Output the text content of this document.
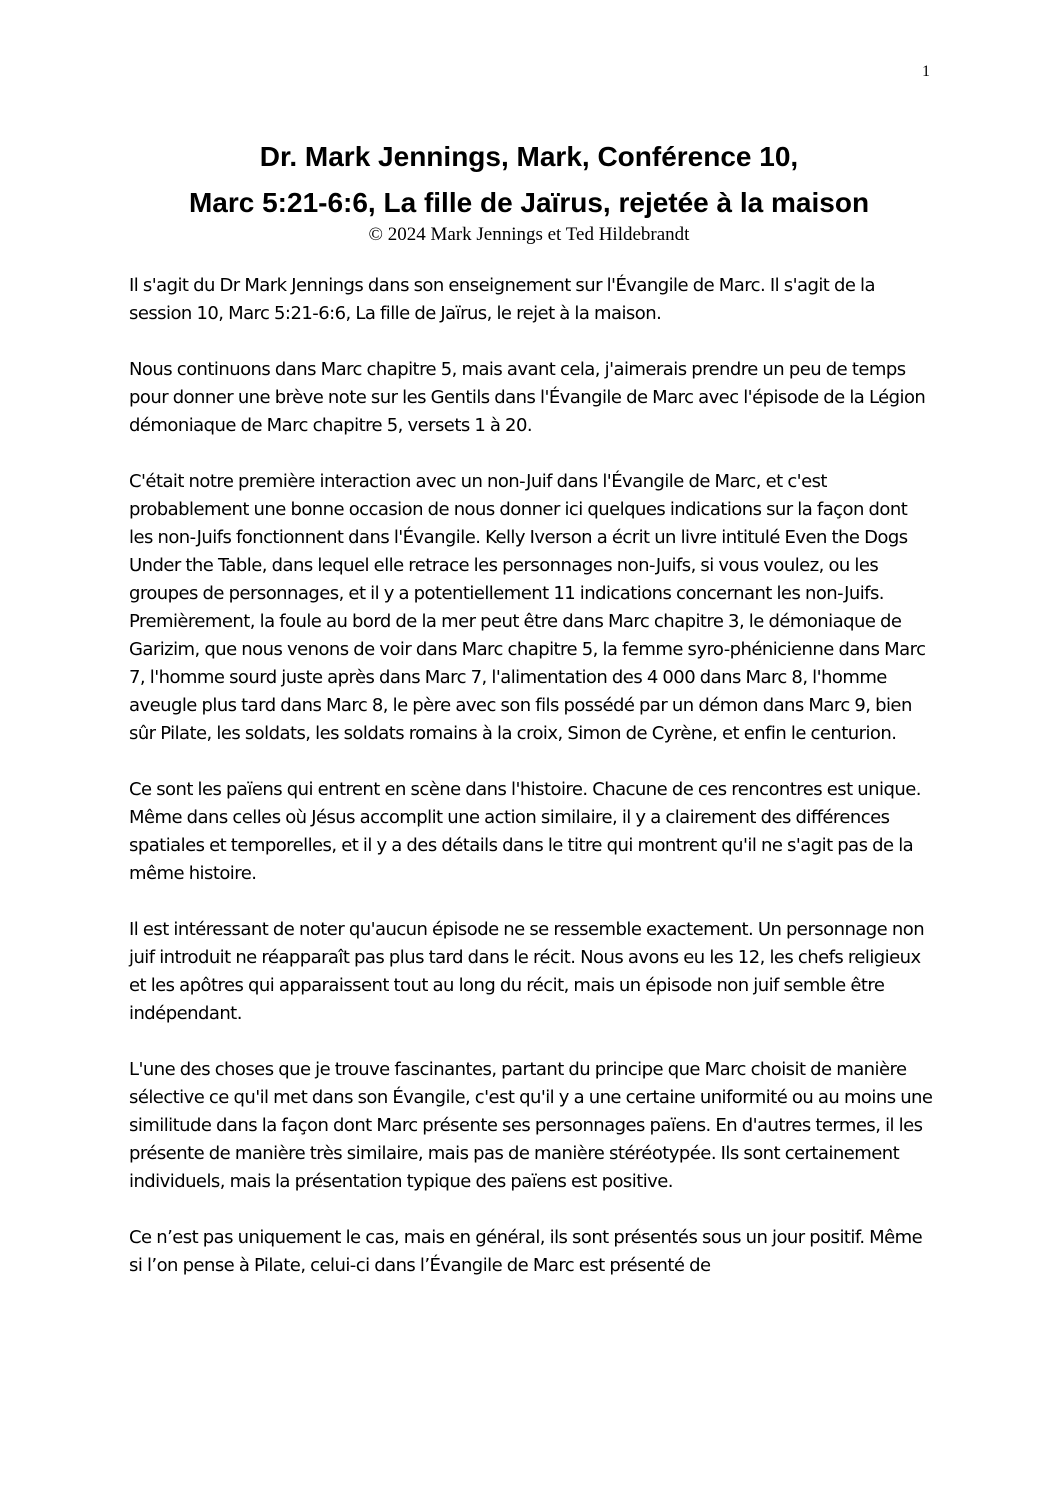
1
Dr. Mark Jennings, Mark, Conférence 10,
Marc 5:21-6:6, La fille de Jaïrus, rejetée à la maison
© 2024 Mark Jennings et Ted Hildebrandt

Il s'agit du Dr Mark Jennings dans son enseignement sur l'Évangile de Marc. Il s'agit de la session 10, Marc 5:21-6:6, La fille de Jaïrus, le rejet à la maison.

Nous continuons dans Marc chapitre 5, mais avant cela, j'aimerais prendre un peu de temps pour donner une brève note sur les Gentils dans l'Évangile de Marc avec l'épisode de la Légion démoniaque de Marc chapitre 5, versets 1 à 20.

C'était notre première interaction avec un non-Juif dans l'Évangile de Marc, et c'est probablement une bonne occasion de nous donner ici quelques indications sur la façon dont les non-Juifs fonctionnent dans l'Évangile. Kelly Iverson a écrit un livre intitulé Even the Dogs Under the Table, dans lequel elle retrace les personnages non-Juifs, si vous voulez, ou les groupes de personnages, et il y a potentiellement 11 indications concernant les non-Juifs. Premièrement, la foule au bord de la mer peut être dans Marc chapitre 3, le démoniaque de Garizim, que nous venons de voir dans Marc chapitre 5, la femme syro-phénicienne dans Marc 7, l'homme sourd juste après dans Marc 7, l'alimentation des 4 000 dans Marc 8, l'homme aveugle plus tard dans Marc 8, le père avec son fils possédé par un démon dans Marc 9, bien sûr Pilate, les soldats, les soldats romains à la croix, Simon de Cyrène, et enfin le centurion.

Ce sont les païens qui entrent en scène dans l'histoire. Chacune de ces rencontres est unique. Même dans celles où Jésus accomplit une action similaire, il y a clairement des différences spatiales et temporelles, et il y a des détails dans le titre qui montrent qu'il ne s'agit pas de la même histoire.

Il est intéressant de noter qu'aucun épisode ne se ressemble exactement. Un personnage non juif introduit ne réapparaît pas plus tard dans le récit. Nous avons eu les 12, les chefs religieux et les apôtres qui apparaissent tout au long du récit, mais un épisode non juif semble être indépendant.

L'une des choses que je trouve fascinantes, partant du principe que Marc choisit de manière sélective ce qu'il met dans son Évangile, c'est qu'il y a une certaine uniformité ou au moins une similitude dans la façon dont Marc présente ses personnages païens. En d'autres termes, il les présente de manière très similaire, mais pas de manière stéréotypée. Ils sont certainement individuels, mais la présentation typique des païens est positive.

Ce n’est pas uniquement le cas, mais en général, ils sont présentés sous un jour positif. Même si l’on pense à Pilate, celui-ci dans l’Évangile de Marc est présenté de
